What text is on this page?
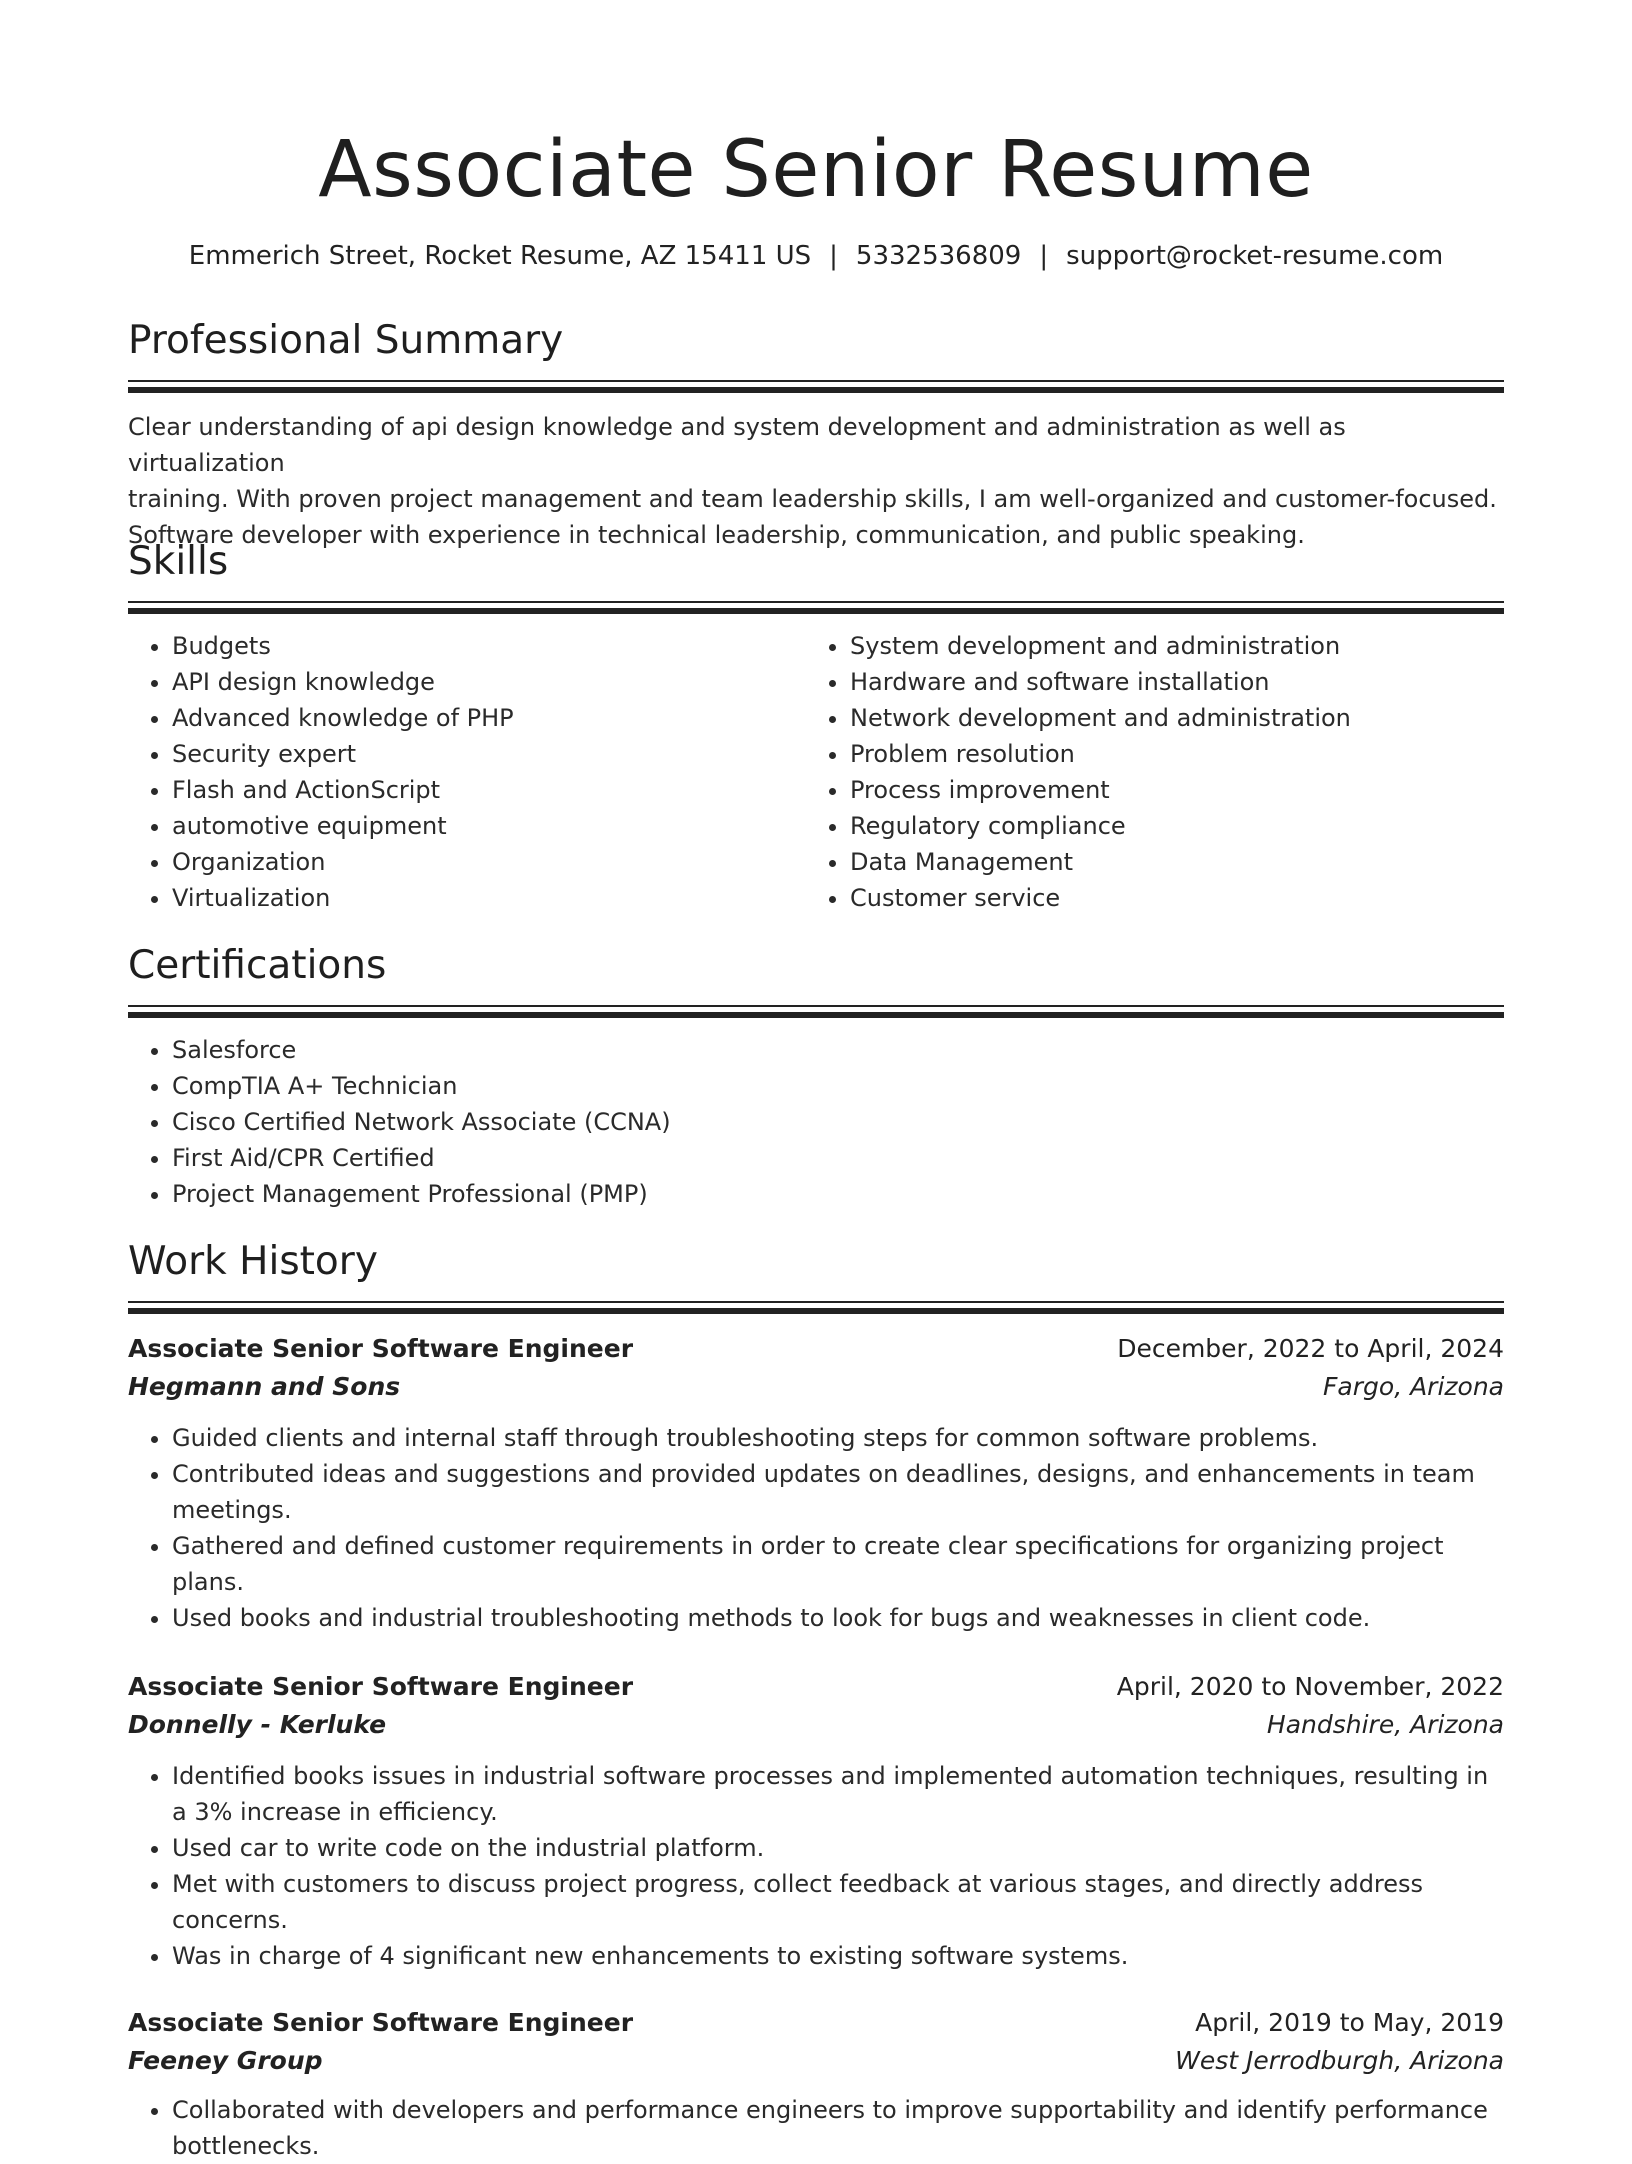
Associate Senior Resume
Emmerich Street, Rocket Resume, AZ 15411 US | 5332536809 | support@rocket-resume.com
Professional Summary
Clear understanding of api design knowledge and system development and administration as well as virtualization
training. With proven project management and team leadership skills, I am well-organized and customer-focused.
Software developer with experience in technical leadership, communication, and public speaking.
Skills
• Budgets
• API design knowledge
• Advanced knowledge of PHP
• Security expert
• Flash and ActionScript
• automotive equipment
• Organization
• Virtualization
• System development and administration
• Hardware and software installation
• Network development and administration
• Problem resolution
• Process improvement
• Regulatory compliance
• Data Management
• Customer service
Certifications
• Salesforce
• CompTIA A+ Technician
• Cisco Certified Network Associate (CCNA)
• First Aid/CPR Certified
• Project Management Professional (PMP)
Work History
Associate Senior Software Engineer	December, 2022 to April, 2024
Hegmann and Sons	Fargo, Arizona
• Guided clients and internal staff through troubleshooting steps for common software problems.
• Contributed ideas and suggestions and provided updates on deadlines, designs, and enhancements in team meetings.
• Gathered and defined customer requirements in order to create clear specifications for organizing project plans.
• Used books and industrial troubleshooting methods to look for bugs and weaknesses in client code.
Associate Senior Software Engineer	April, 2020 to November, 2022
Donnelly - Kerluke	Handshire, Arizona
• Identified books issues in industrial software processes and implemented automation techniques, resulting in a 3% increase in efficiency.
• Used car to write code on the industrial platform.
• Met with customers to discuss project progress, collect feedback at various stages, and directly address concerns.
• Was in charge of 4 significant new enhancements to existing software systems.
Associate Senior Software Engineer	April, 2019 to May, 2019
Feeney Group	West Jerrodburgh, Arizona
• Collaborated with developers and performance engineers to improve supportability and identify performance bottlenecks.
